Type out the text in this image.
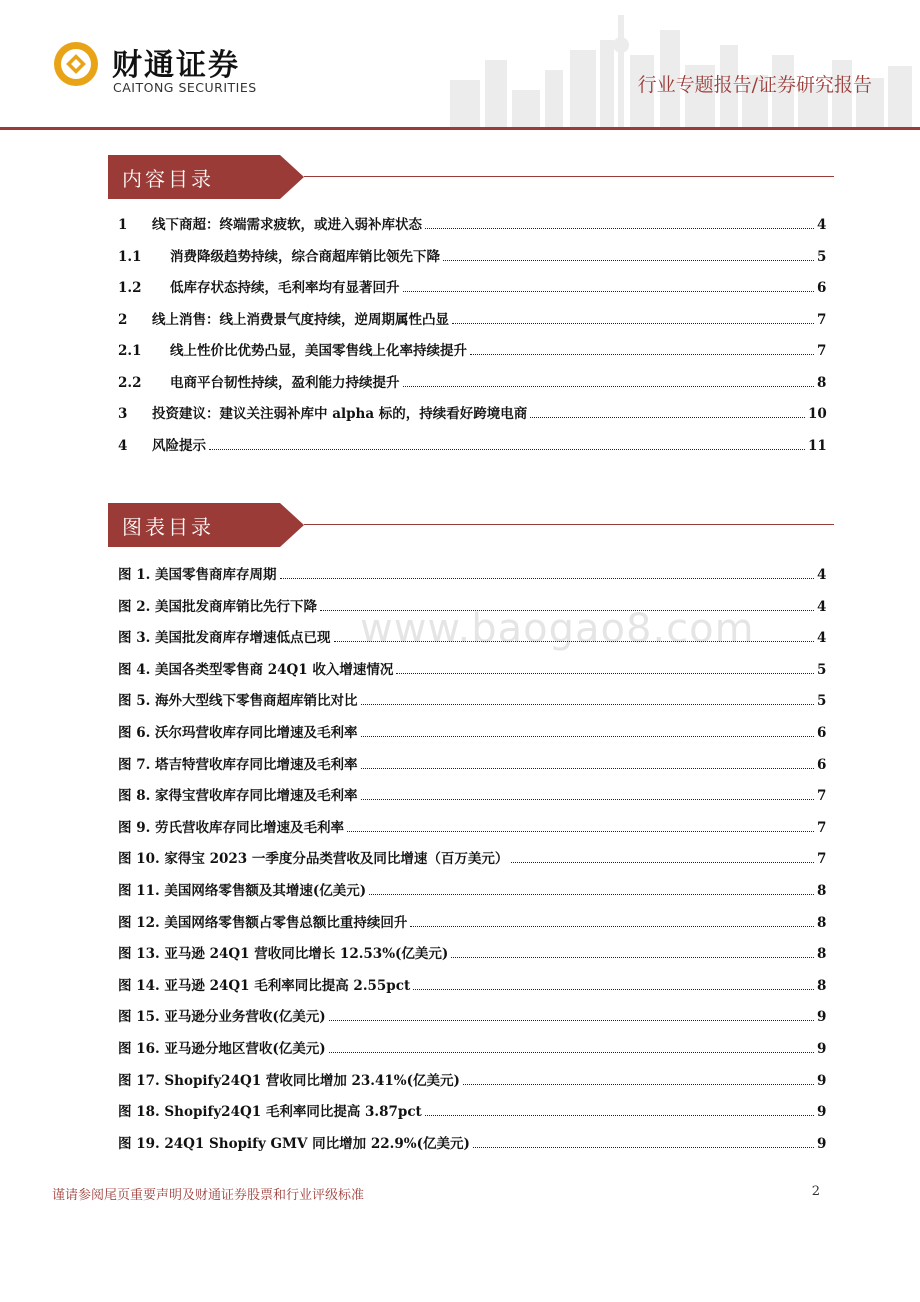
财通证券
CAITONG SECURITIES	行业专题报告/证券研究报告
内容目录
1	线下商超：终端需求疲软，或进入弱补库状态	4
1.1	消费降级趋势持续，综合商超库销比领先下降	5
1.2	低库存状态持续，毛利率均有显著回升	6
2	线上消售：线上消费景气度持续，逆周期属性凸显	7
2.1	线上性价比优势凸显，美国零售线上化率持续提升	7
2.2	电商平台韧性持续，盈利能力持续提升	8
3	投资建议：建议关注弱补库中 alpha 标的，持续看好跨境电商	10
4	风险提示	11
图表目录
www.baogao8.com
图 1. 美国零售商库存周期	4
图 2. 美国批发商库销比先行下降	4
图 3. 美国批发商库存增速低点已现	4
图 4. 美国各类型零售商 24Q1 收入增速情况	5
图 5. 海外大型线下零售商超库销比对比	5
图 6. 沃尔玛营收库存同比增速及毛利率	6
图 7. 塔吉特营收库存同比增速及毛利率	6
图 8. 家得宝营收库存同比增速及毛利率	7
图 9. 劳氏营收库存同比增速及毛利率	7
图 10. 家得宝 2023 一季度分品类营收及同比增速（百万美元）	7
图 11. 美国网络零售额及其增速(亿美元)	8
图 12. 美国网络零售额占零售总额比重持续回升	8
图 13. 亚马逊 24Q1 营收同比增长 12.53%(亿美元)	8
图 14. 亚马逊 24Q1 毛利率同比提高 2.55pct	8
图 15. 亚马逊分业务营收(亿美元)	9
图 16. 亚马逊分地区营收(亿美元)	9
图 17. Shopify24Q1 营收同比增加 23.41%(亿美元)	9
图 18. Shopify24Q1 毛利率同比提高 3.87pct	9
图 19. 24Q1 Shopify GMV 同比增加 22.9%(亿美元)	9
谨请参阅尾页重要声明及财通证券股票和行业评级标准	2
